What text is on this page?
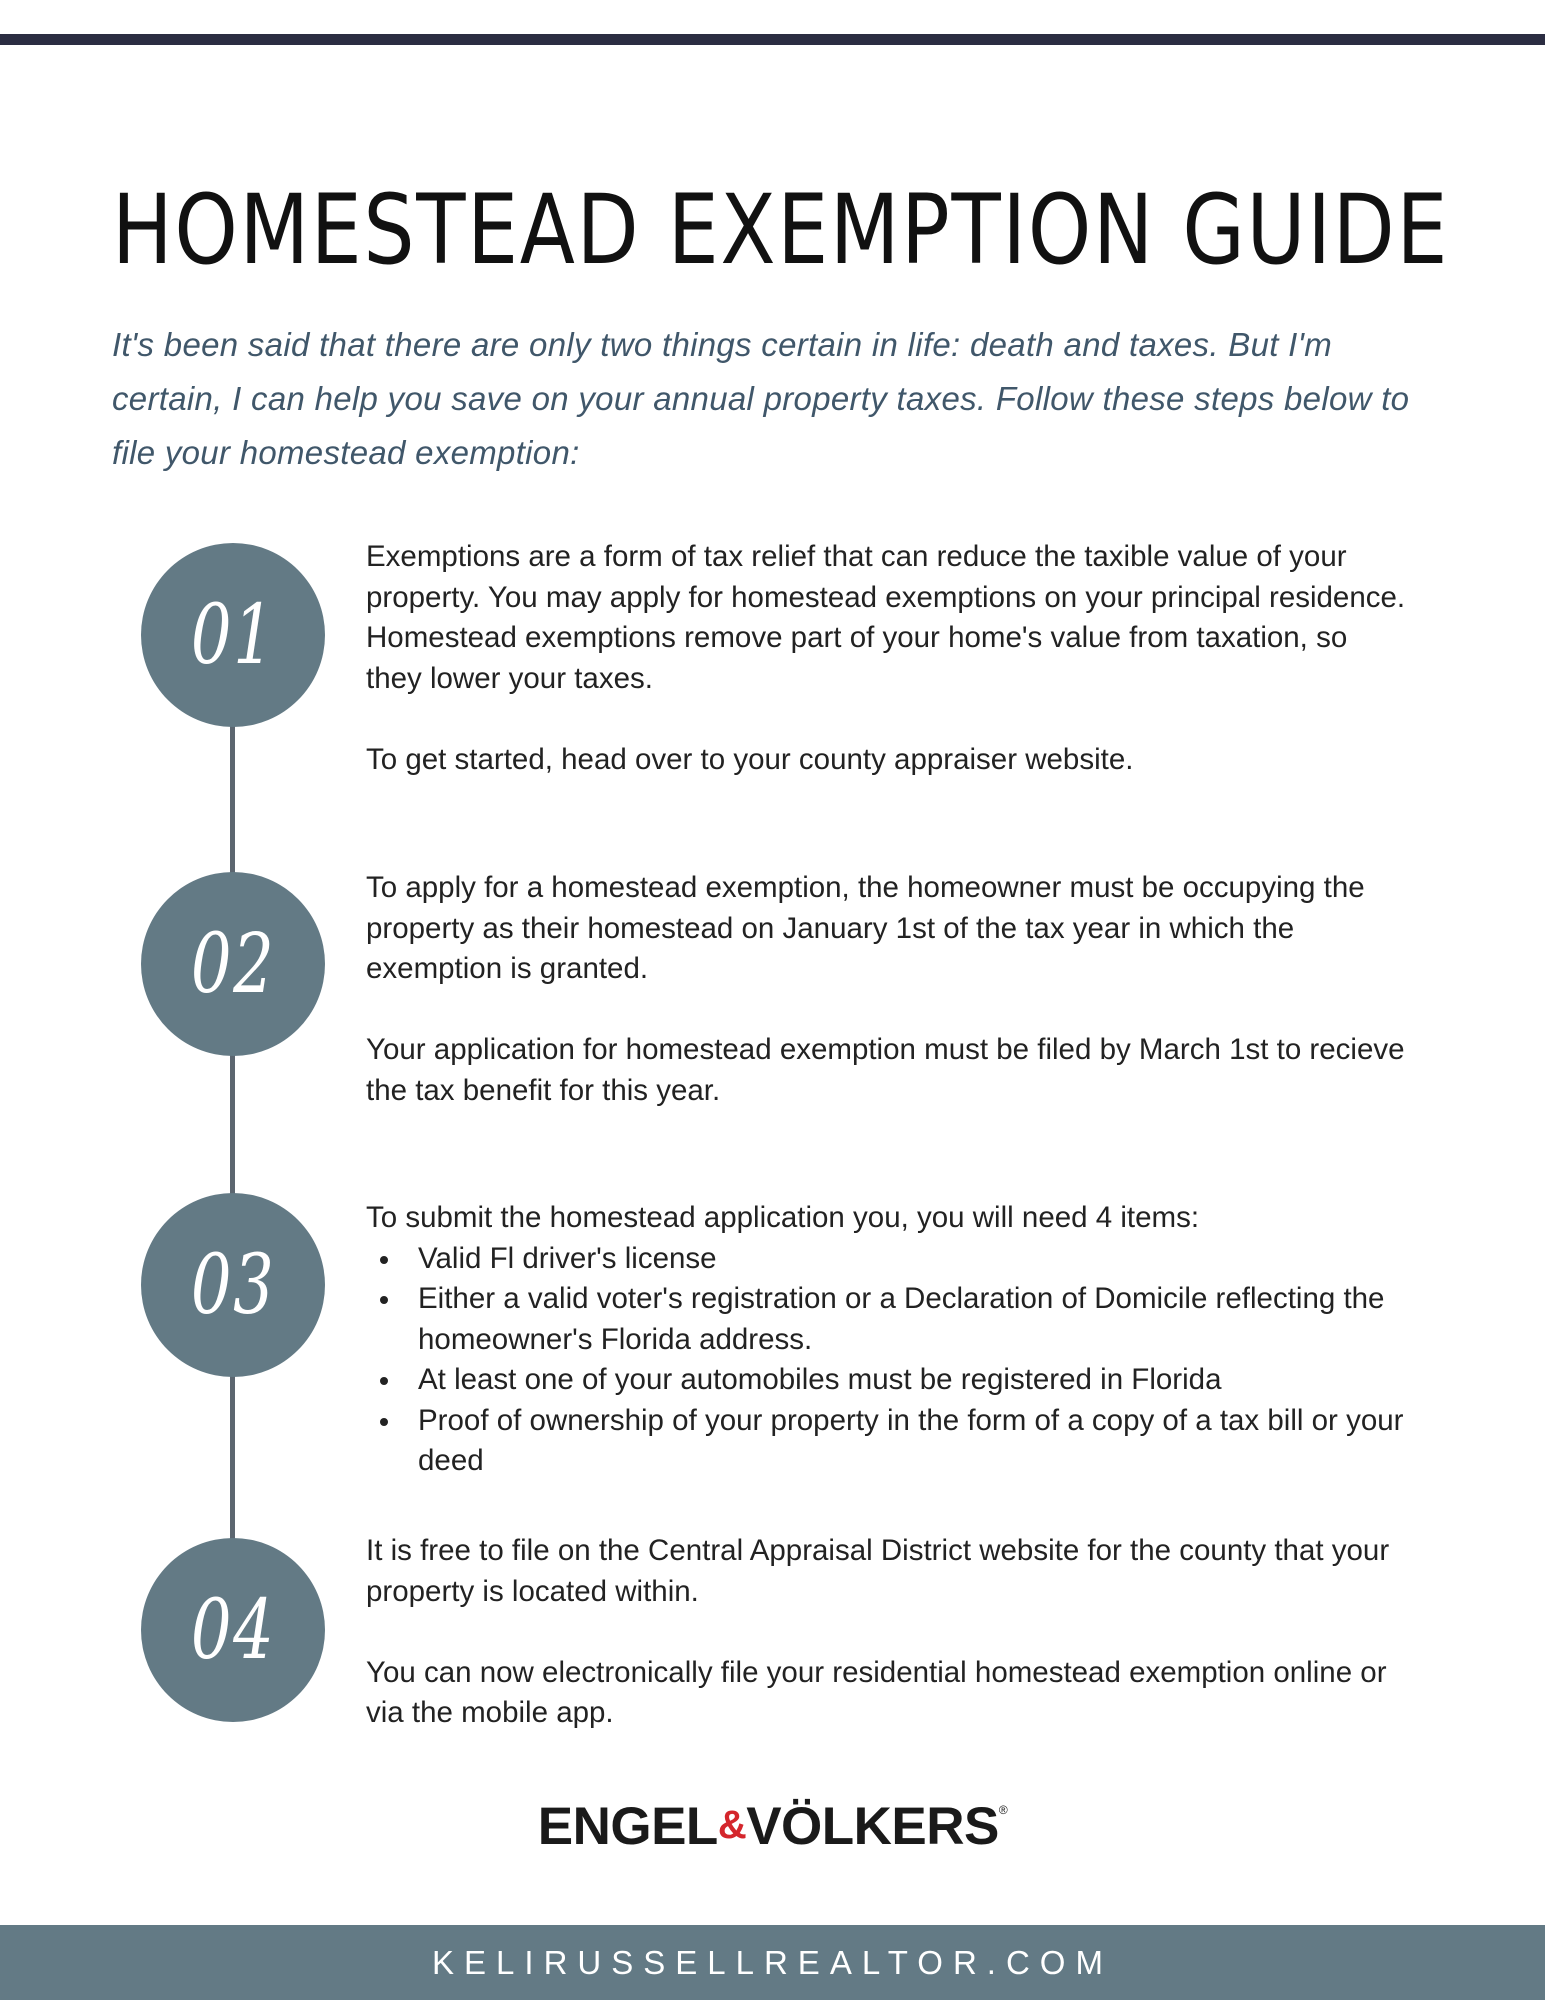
HOMESTEAD EXEMPTION GUIDE
It's been said that there are only two things certain in life: death and taxes. But I'm certain, I can help you save on your annual property taxes. Follow these steps below to file your homestead exemption:
01

Exemptions are a form of tax relief that can reduce the taxible value of your property. You may apply for homestead exemptions on your principal residence. Homestead exemptions remove part of your home's value from taxation, so they lower your taxes.

To get started, head over to your county appraiser website.

02

To apply for a homestead exemption, the homeowner must be occupying the property as their homestead on January 1st of the tax year in which the exemption is granted.

Your application for homestead exemption must be filed by March 1st to recieve the tax benefit for this year.

03

To submit the homestead application you, you will need 4 items:

Valid Fl driver's license
Either a valid voter's registration or a Declaration of Domicile reflecting the homeowner's Florida address.
At least one of your automobiles must be registered in Florida
Proof of ownership of your property in the form of a copy of a tax bill or your deed
04

It is free to file on the Central Appraisal District website for the county that your property is located within.

You can now electronically file your residential homestead exemption online or via the mobile app.

ENGEL&VÖLKERS®
KELIRUSSELLREALTOR.COM
